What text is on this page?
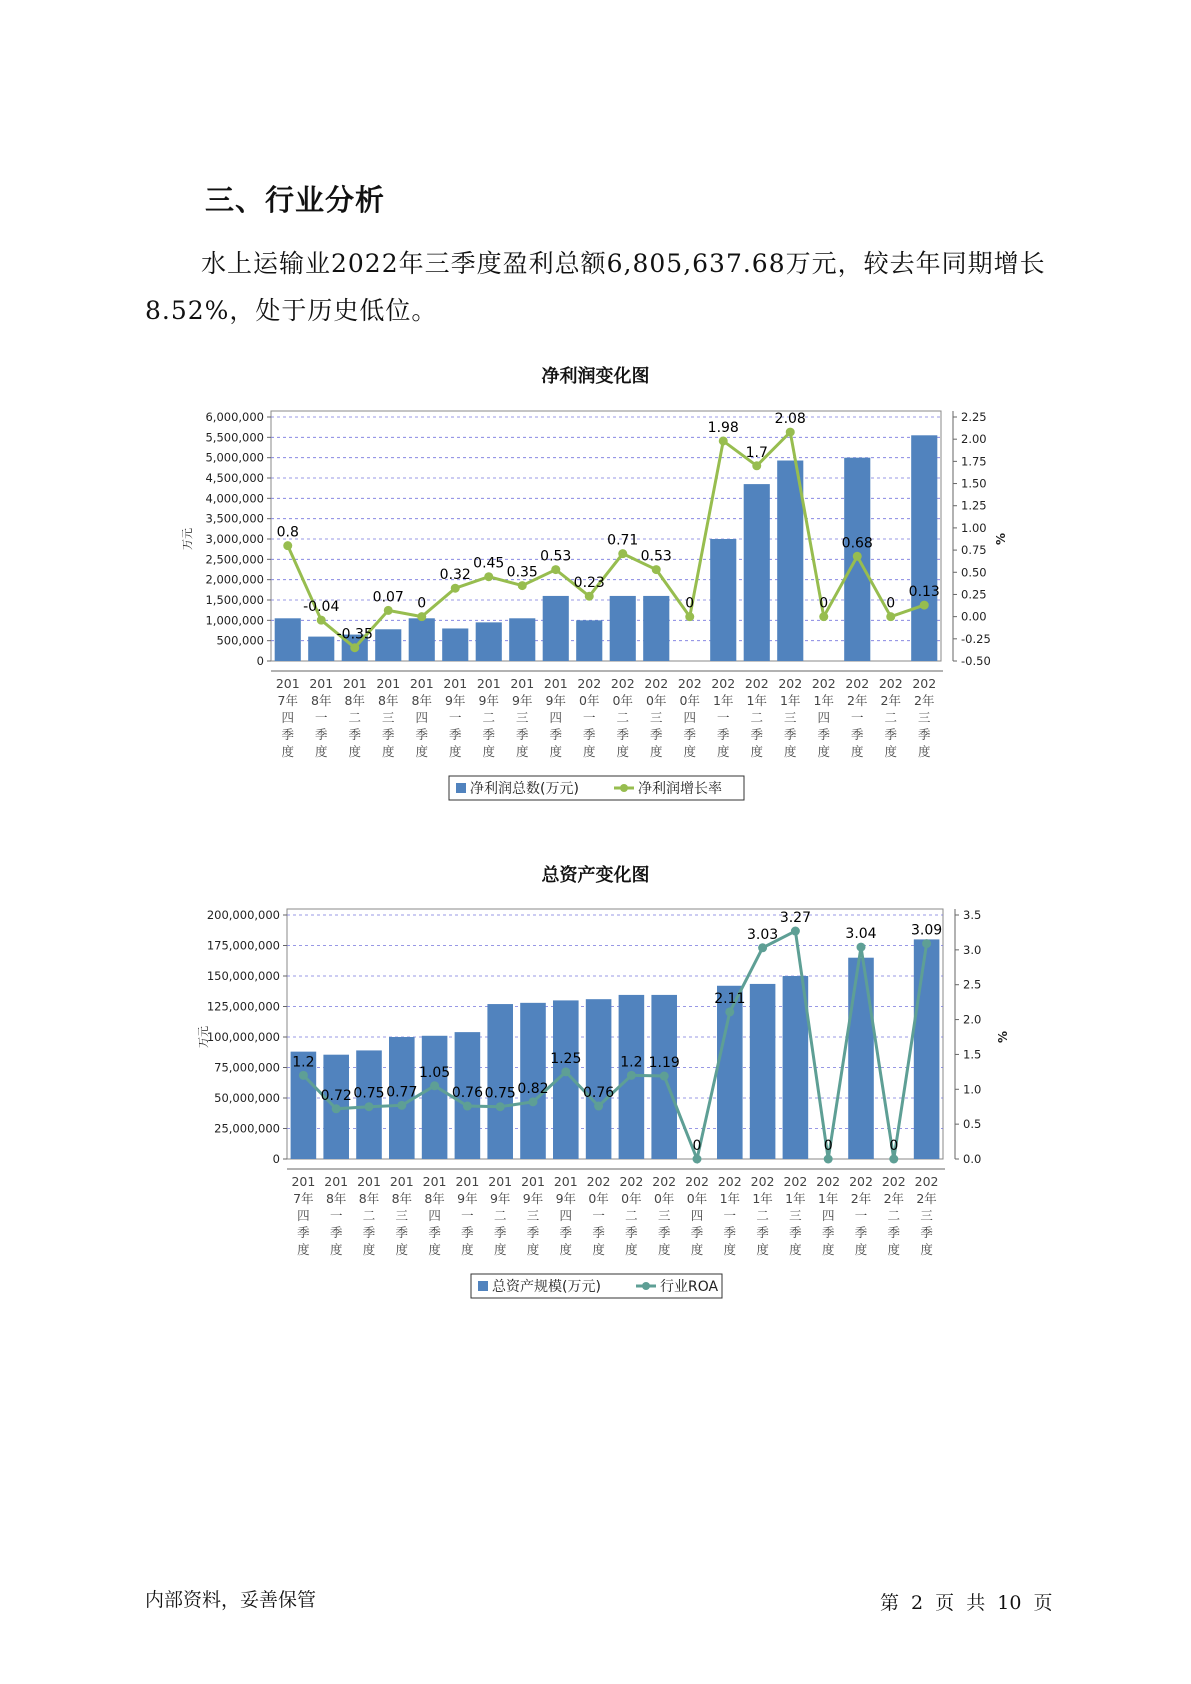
三、行业分析
水上运输业2022年三季度盈利总额6,805,637.68万元，较去年同期增长8.52%，处于历史低位。
净利润变化图
0
500,000
1,000,000
1,500,000
2,000,000
2,500,000
3,000,000
3,500,000
4,000,000
4,500,000
5,000,000
5,500,000
6,000,000
-0.50
-0.25
0.00
0.25
0.50
0.75
1.00
1.25
1.50
1.75
2.00
2.25
万元	%
0.8
-0.04
-0.35
0.07 0
0.32
0.45
0.35
0.53
0.23
0.71
0.53
0
1.98
1.7
2.08
0
0.68
0
0.13
201 7年四季度
201 8年一季度
201 8年二季度
201 8年三季度
201 8年四季度
201 9年一季度
201 9年二季度
201 9年三季度
201 9年四季度
202 0年一季度
202 0年二季度
202 0年三季度
202 0年四季度
202 1年一季度
202 1年二季度
202 1年三季度
202 1年四季度
202 2年一季度
202 2年二季度
202 2年三季度
净利润总数(万元)	净利润增长率
总资产变化图
0
25,000,000
50,000,000
75,000,000
100,000,000
125,000,000
150,000,000
175,000,000
200,000,000
0.0
0.5
1.0
1.5
2.0
2.5
3.0
3.5
万元	%
1.2
0.72 0.75 0.77
1.05
0.76 0.75 0.82
1.25
0.76
1.2 1.19
0
2.11
3.03
3.27
0
3.04
0
3.09
201 7年四季度
201 8年一季度
201 8年二季度
201 8年三季度
201 8年四季度
201 9年一季度
201 9年二季度
201 9年三季度
201 9年四季度
202 0年一季度
202 0年二季度
202 0年三季度
202 0年四季度
202 1年一季度
202 1年二季度
202 1年三季度
202 1年四季度
202 2年一季度
202 2年二季度
202 2年三季度
总资产规模(万元)	行业ROA
内部资料，妥善保管	第 2 页 共 10 页
